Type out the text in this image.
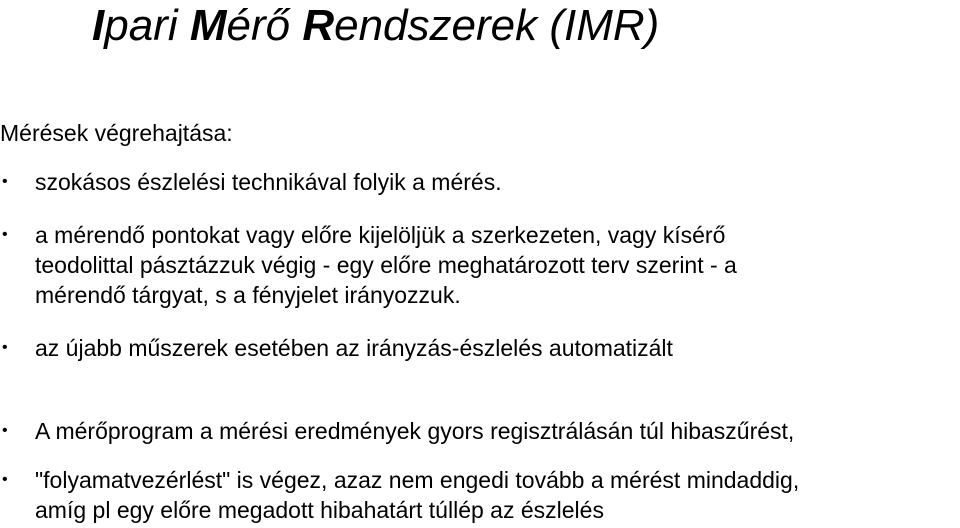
Ipari Mérő Rendszerek (IMR)
Mérések végrehajtása:
• szokásos észlelési technikával folyik a mérés.
• a mérendő pontokat vagy előre kijelöljük a szerkezeten, vagy kísérő
teodolittal pásztázzuk végig - egy előre meghatározott terv szerint - a
mérendő tárgyat, s a fényjelet irányozzuk.
• az újabb műszerek esetében az irányzás-észlelés automatizált
• A mérőprogram a mérési eredmények gyors regisztrálásán túl hibaszűrést,
• "folyamatvezérlést" is végez, azaz nem engedi tovább a mérést mindaddig,
amíg pl egy előre megadott hibahatárt túllép az észlelés
